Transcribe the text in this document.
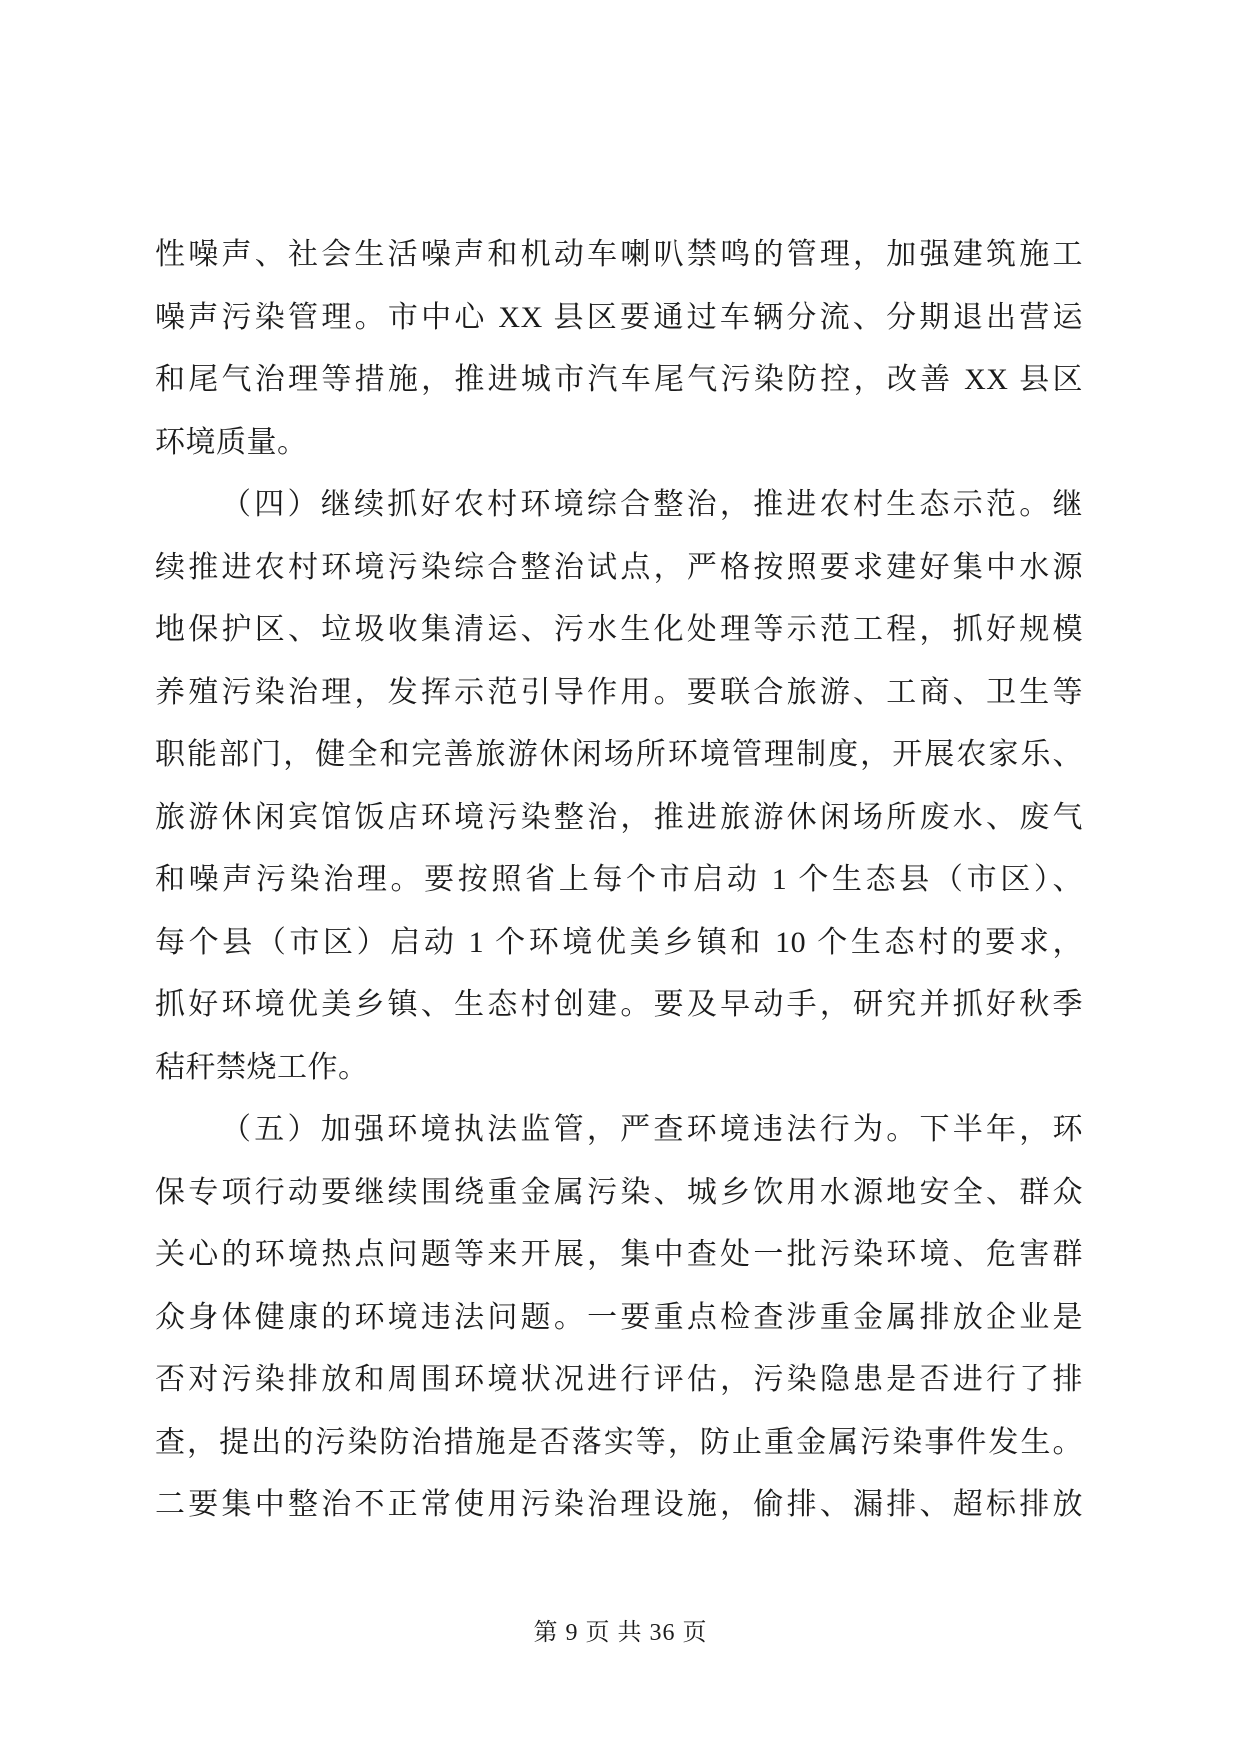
性噪声、社会生活噪声和机动车喇叭禁鸣的管理，加强建筑施工
噪声污染管理。市中心 XX 县区要通过车辆分流、分期退出营运
和尾气治理等措施，推进城市汽车尾气污染防控，改善 XX 县区
环境质量。
（四）继续抓好农村环境综合整治，推进农村生态示范。继
续推进农村环境污染综合整治试点，严格按照要求建好集中水源
地保护区、垃圾收集清运、污水生化处理等示范工程，抓好规模
养殖污染治理，发挥示范引导作用。要联合旅游、工商、卫生等
职能部门，健全和完善旅游休闲场所环境管理制度，开展农家乐、
旅游休闲宾馆饭店环境污染整治，推进旅游休闲场所废水、废气
和噪声污染治理。要按照省上每个市启动 1 个生态县（市区）、
每个县（市区）启动 1 个环境优美乡镇和 10 个生态村的要求，
抓好环境优美乡镇、生态村创建。要及早动手，研究并抓好秋季
秸秆禁烧工作。
（五）加强环境执法监管，严查环境违法行为。下半年，环
保专项行动要继续围绕重金属污染、城乡饮用水源地安全、群众
关心的环境热点问题等来开展，集中查处一批污染环境、危害群
众身体健康的环境违法问题。一要重点检查涉重金属排放企业是
否对污染排放和周围环境状况进行评估，污染隐患是否进行了排
查，提出的污染防治措施是否落实等，防止重金属污染事件发生。
二要集中整治不正常使用污染治理设施，偷排、漏排、超标排放
第 9 页 共 36 页
